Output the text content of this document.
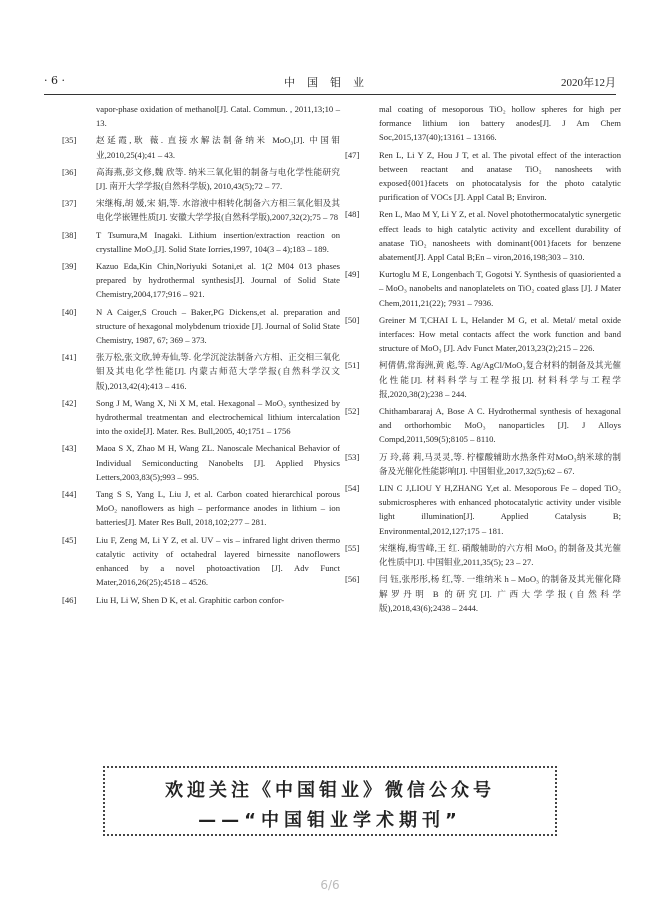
· 6 ·	中国钼业	2020年12月
vapor-phase oxidation of methanol[J]. Catal. Commun. , 2011,13;10 – 13.
[35] 赵延霞,耿 薇. 直接水解法制备纳米 MoO₃[J]. 中国钼业,2010,25(4);41 – 43.
[36] 高海燕,彭文修,魏 欣等. 纳米三氧化钼的制备与电化学性能研究[J]. 南开大学学报(自然科学版), 2010,43(5);72 – 77.
[37] 宋继梅,胡 媛,宋 娟,等. 水溶液中相转化制备六方相三氧化钼及其电化学嵌锂性质[J]. 安徽大学学报(自然科学版),2007,32(2);75 – 78
[38] T Tsumura,M Inagaki. Lithium insertion/extraction reaction on crystalline MoO₃[J]. Solid State Iorries,1997, 104(3 – 4);183 – 189.
[39] Kazuo Eda,Kin Chin,Noriyuki Sotani,et al. 1(2 M04 013 phases prepared by hydrothermal synthesis[J]. Journal of Solid State Chemistry,2004,177;916 – 921.
[40] N A Caiger,S Crouch – Baker,PG Dickens,et al. preparation and structure of hexagonal molybdenum trioxide [J]. Journal of Solid State Chemistry, 1987, 67; 369 – 373.
[41] 张万松,张文欣,钟寿仙,等. 化学沉淀法制备六方相、正交相三氧化钼及其电化学性能[J]. 内蒙古师范大学学报(自然科学汉文版),2013,42(4);413 – 416.
[42] Song J M, Wang X, Ni X M, etal. Hexagonal – MoO₃ synthesized by hydrothermal treatmentan and electrochemical lithium intercalation into the oxide[J]. Mater. Res. Bull,2005, 40;1751 – 1756
[43] Maoa S X, Zhao M H, Wang ZL. Nanoscale Mechanical Behavior of Individual Semiconducting Nanobelts [J]. Applied Physics Letters,2003,83(5);993 – 995.
[44] Tang S S, Yang L, Liu J, et al. Carbon coated hierarchical porous MoO₂ nanoflowers as high – performance anodes in lithium – ion batteries[J]. Mater Res Bull, 2018,102;277 – 281.
[45] Liu F, Zeng M, Li Y Z, et al. UV – vis – infrared light driven thermo catalytic activity of octahedral layered birnessite nanoflowers enhanced by a novel photoactivation [J]. Adv Funct Mater,2016,26(25);4518 – 4526.
[46] Liu H, Li W, Shen D K, et al. Graphitic carbon confor-
mal coating of mesoporous TiO₂ hollow spheres for high per formance lithium ion battery anodes[J]. J Am Chem Soc,2015,137(40);13161 – 13166.
[47] Ren L, Li Y Z, Hou J T, et al. The pivotal effect of the interaction between reactant and anatase TiO₂ nanosheets with exposed{001}facets on photocatalysis for the photo catalytic purification of VOCs [J]. Appl Catal B; Environ.
[48] Ren L, Mao M Y, Li Y Z, et al. Novel photothermocatalytic synergetic effect leads to high catalytic activity and excellent durability of anatase TiO₂ nanosheets with dominant{001}facets for benzene abatement[J]. Appl Catal B;En – viron,2016,198;303 – 310.
[49] Kurtoglu M E, Longenbach T, Gogotsi Y. Synthesis of quasioriented a – MoO₃ nanobelts and nanoplatelets on TiO₂ coated glass [J]. J Mater Chem,2011,21(22); 7931 – 7936.
[50] Greiner M T,CHAI L L, Helander M G, et al. Metal/ metal oxide interfaces: How metal contacts affect the work function and band structure of MoO₃ [J]. Adv Funct Mater,2013,23(2);215 – 226.
[51] 柯倩倩,常海洲,黄 彪,等. Ag/AgCl/MoO₃复合材料的制备及其光催化性能[J]. 材料科学与工程学报[J]. 材料科学与工程学报,2020,38(2);238 – 244.
[52] Chithambararaj A, Bose A C. Hydrothermal synthesis of hexagonal and orthorhombic MoO₃ nanoparticles [J]. J Alloys Compd,2011,509(5);8105 – 8110.
[53] 万 玲,蒋 莉,马灵灵,等. 柠檬酸辅助水热条件对MoO₃纳米球的制备及光催化性能影响[J]. 中国钼业,2017,32(5);62 – 67.
[54] LIN C J,LIOU Y H,ZHANG Y,et al. Mesoporous Fe – doped TiO₂ submicrospheres with enhanced photocatalytic activity under visible light illumination[J]. Applied Catalysis B; Environmental,2012,127;175 – 181.
[55] 宋继梅,梅雪峰,王 红. 硝酸辅助的六方相 MoO₃ 的制备及其光催化性质中[J]. 中国钼业,2011,35(5); 23 – 27.
[56] 闫 钰,张彤彤,杨 红,等. 一维纳米 h – MoO₃ 的制备及其光催化降解罗丹明 B 的研究[J]. 广西大学学报(自然科学版),2018,43(6);2438 – 2444.
欢迎关注《中国钼业》微信公众号
——“中国钼业学术期刊”
6/6
